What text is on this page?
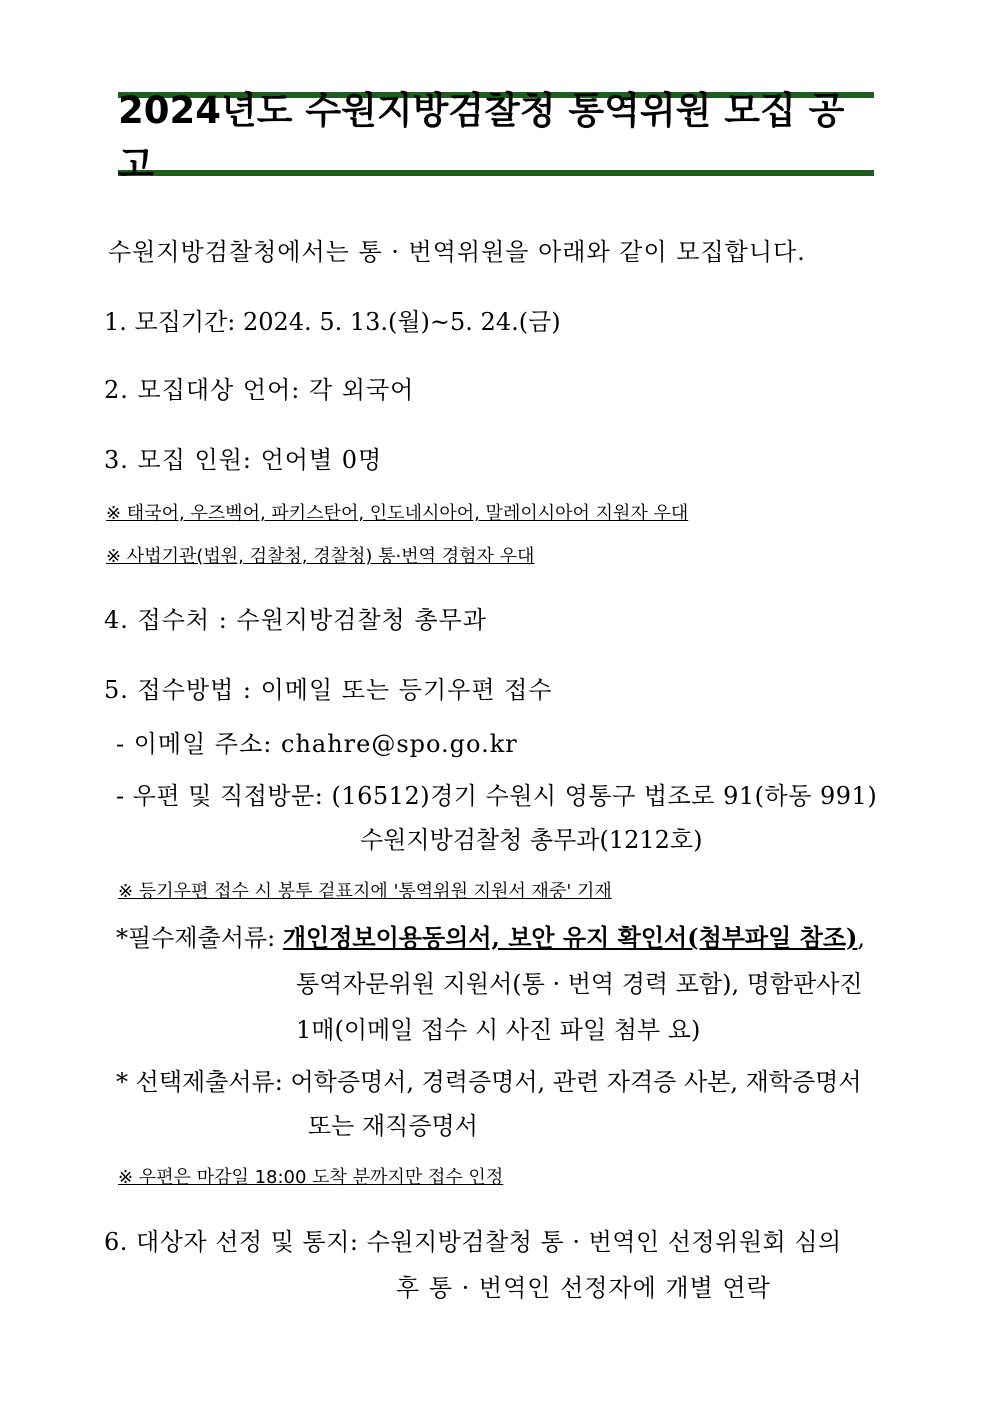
2024년도 수원지방검찰청 통역위원 모집 공고
수원지방검찰청에서는 통 · 번역위원을 아래와 같이 모집합니다.
1. 모집기간: 2024. 5. 13.(월)~5. 24.(금)
2. 모집대상 언어: 각 외국어
3. 모집 인원: 언어별 0명
※ 태국어, 우즈벡어, 파키스탄어, 인도네시아어, 말레이시아어 지원자 우대
※ 사법기관(법원, 검찰청, 경찰청) 통·번역 경험자 우대
4. 접수처 : 수원지방검찰청 총무과
5. 접수방법 : 이메일 또는 등기우편 접수
- 이메일 주소: chahre@spo.go.kr
- 우편 및 직접방문: (16512)경기 수원시 영통구 법조로 91(하동 991)
수원지방검찰청 총무과(1212호)
※ 등기우편 접수 시 봉투 겉표지에 '통역위원 지원서 재중' 기재
*필수제출서류: 개인정보이용동의서, 보안 유지 확인서(첨부파일 참조),
통역자문위원 지원서(통 · 번역 경력 포함), 명함판사진
1매(이메일 접수 시 사진 파일 첨부 요)
* 선택제출서류: 어학증명서, 경력증명서, 관련 자격증 사본, 재학증명서
또는 재직증명서
※ 우편은 마감일 18:00 도착 분까지만 접수 인정
6. 대상자 선정 및 통지: 수원지방검찰청 통 · 번역인 선정위원회 심의
후 통 · 번역인 선정자에 개별 연락
